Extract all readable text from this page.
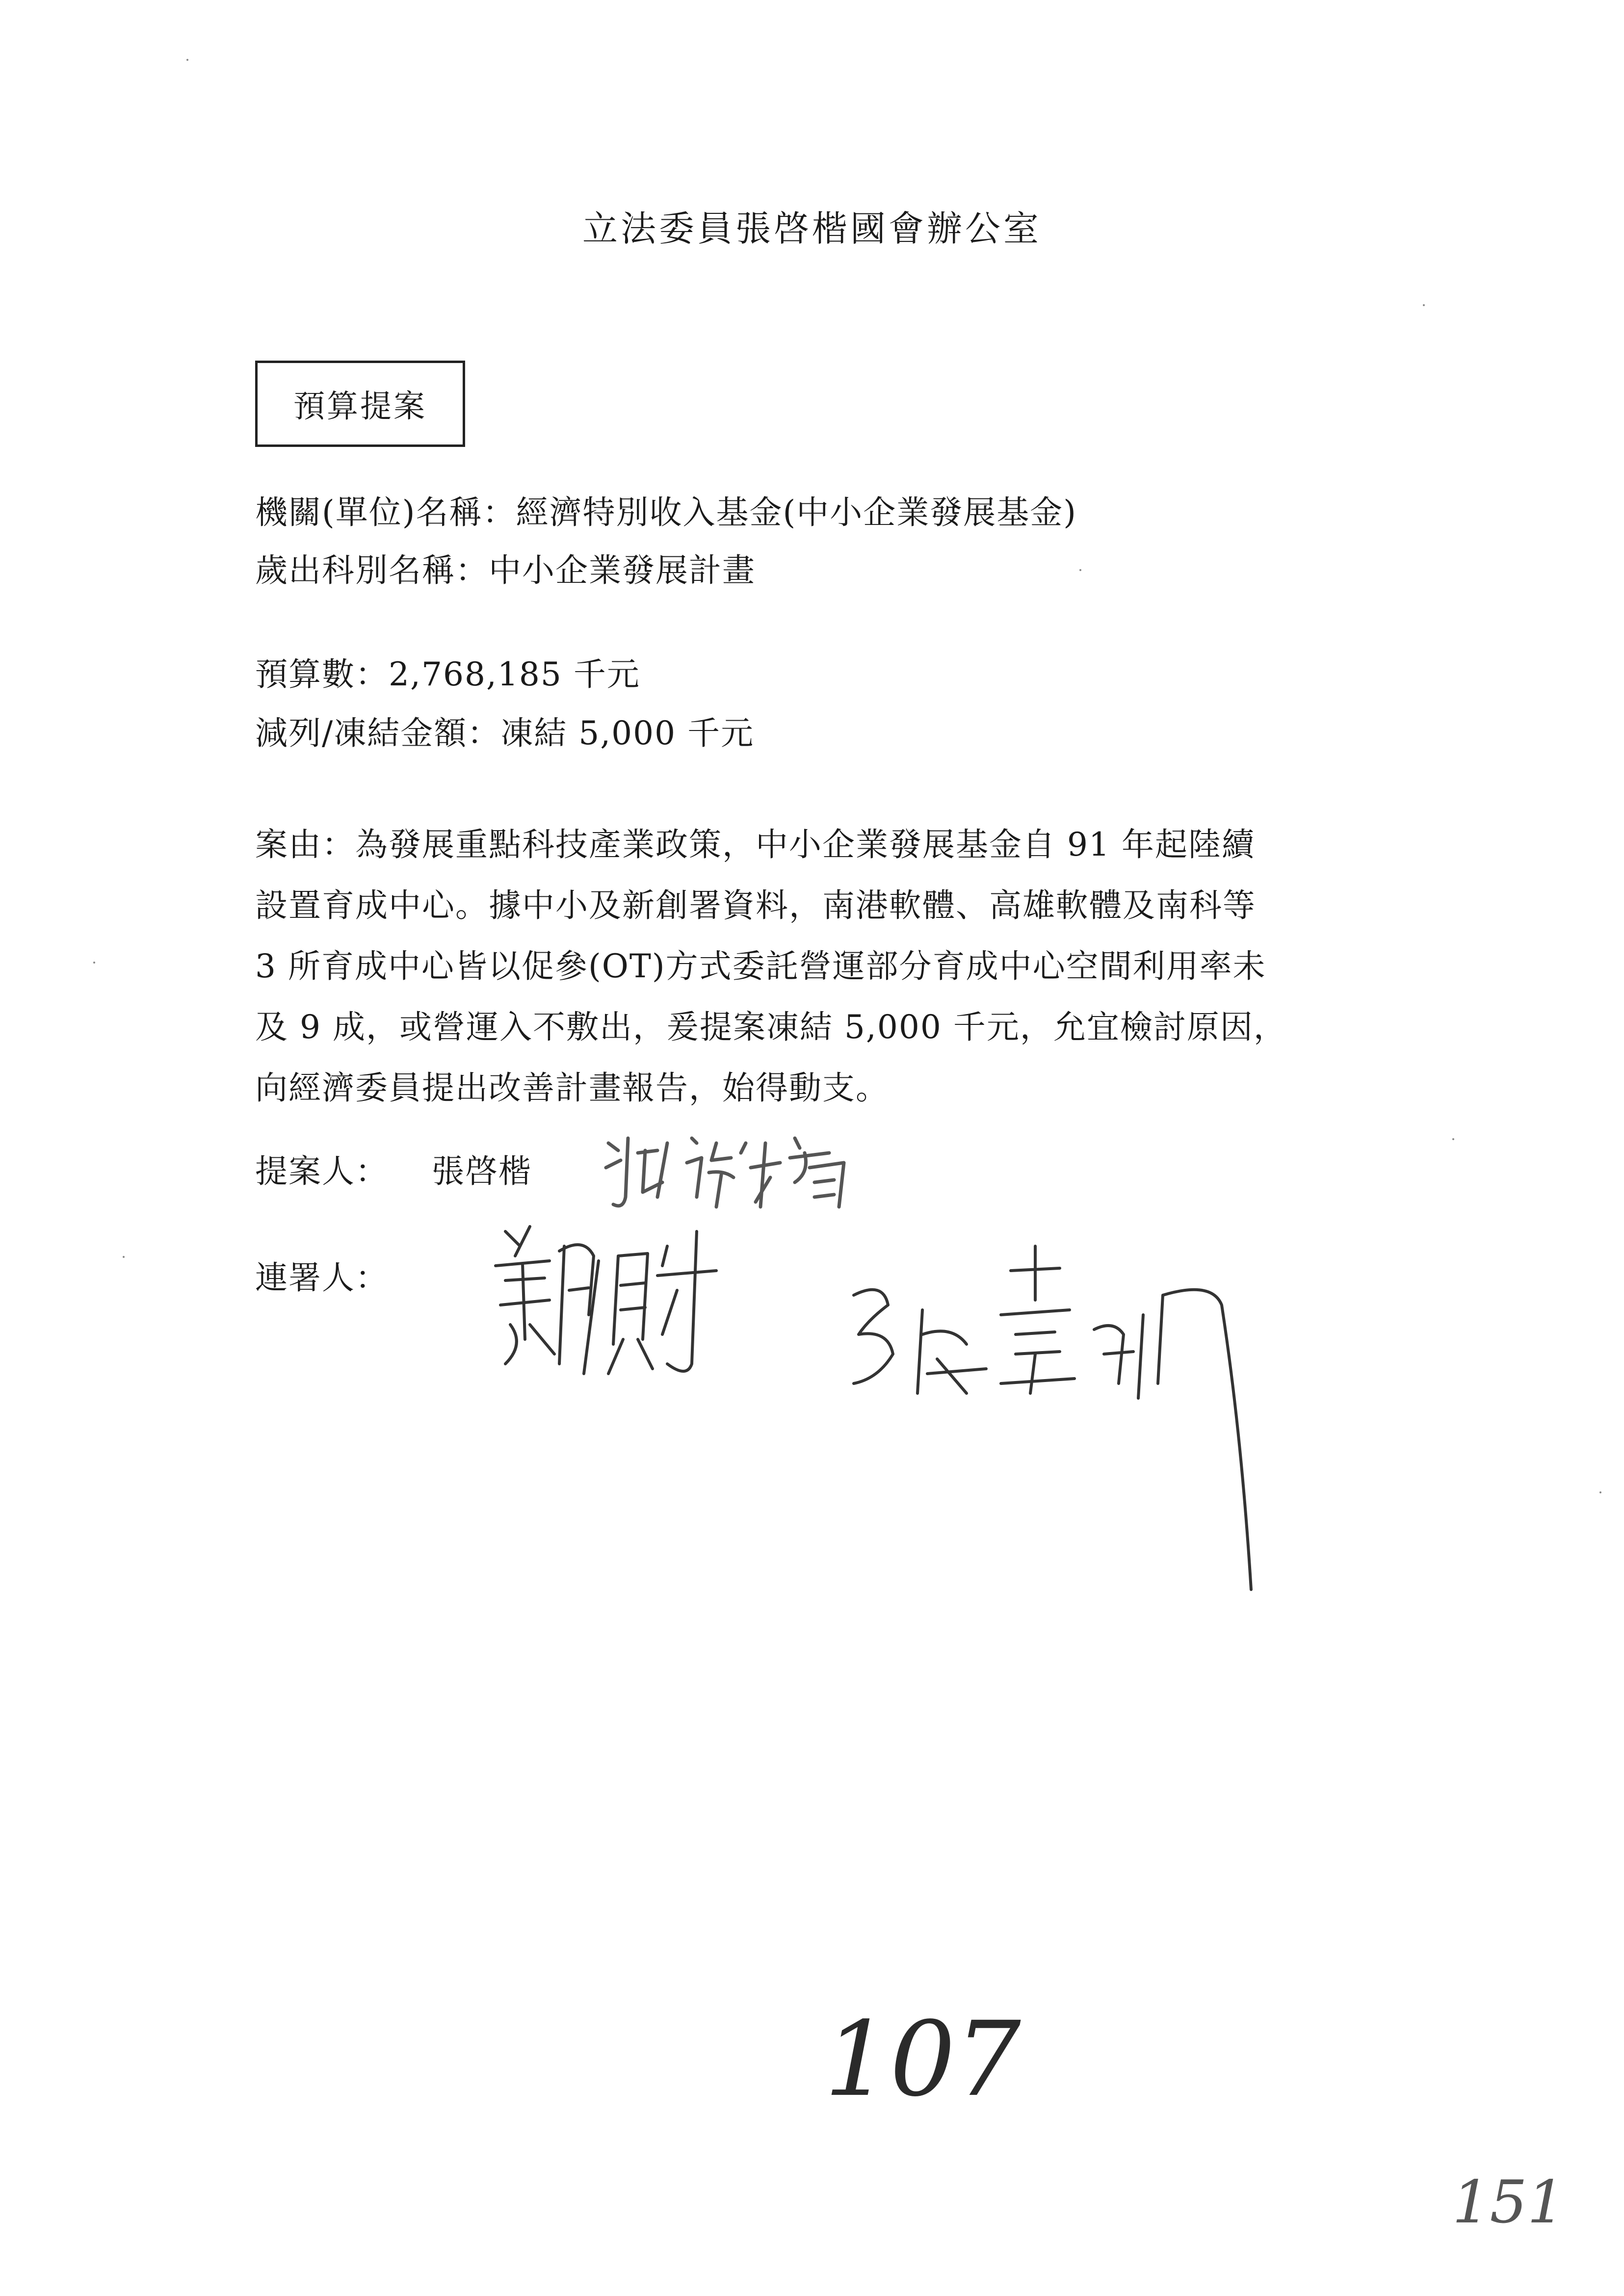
立法委員張啓楷國會辦公室
預算提案
機關(單位)名稱：經濟特別收入基金(中小企業發展基金)
歲出科別名稱：中小企業發展計畫
預算數：2,768,185 千元
減列/凍結金額：凍結 5,000 千元
案由：為發展重點科技產業政策，中小企業發展基金自 91 年起陸續
設置育成中心。據中小及新創署資料，南港軟體、高雄軟體及南科等
3 所育成中心皆以促參(OT)方式委託營運部分育成中心空間利用率未
及 9 成，或營運入不敷出，爰提案凍結 5,000 千元，允宜檢討原因，
向經濟委員提出改善計畫報告，始得動支。
提案人： 張啓楷
連署人：
107
151
